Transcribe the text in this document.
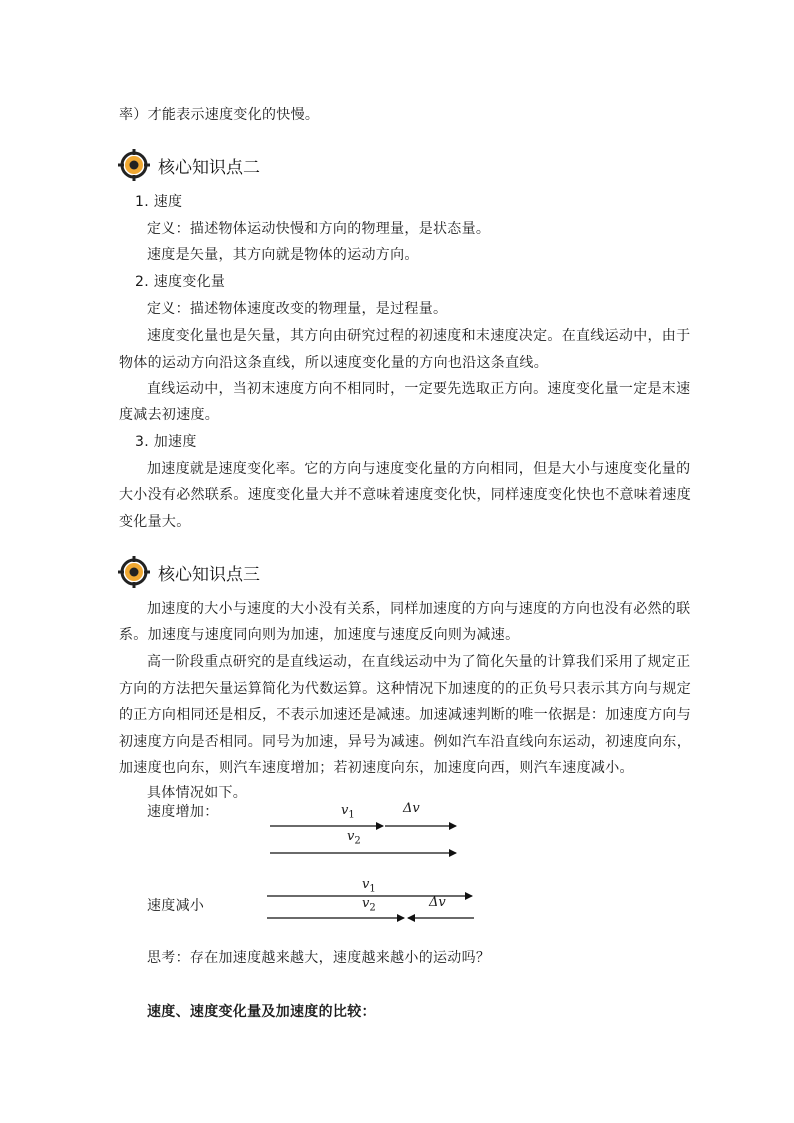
率）才能表示速度变化的快慢。
核心知识点二
1. 速度
定义：描述物体运动快慢和方向的物理量，是状态量。
速度是矢量，其方向就是物体的运动方向。
2. 速度变化量
定义：描述物体速度改变的物理量，是过程量。
速度变化量也是矢量，其方向由研究过程的初速度和末速度决定。在直线运动中，由于
物体的运动方向沿这条直线，所以速度变化量的方向也沿这条直线。
直线运动中，当初末速度方向不相同时，一定要先选取正方向。速度变化量一定是末速
度减去初速度。
3. 加速度
加速度就是速度变化率。它的方向与速度变化量的方向相同，但是大小与速度变化量的
大小没有必然联系。速度变化量大并不意味着速度变化快，同样速度变化快也不意味着速度
变化量大。
核心知识点三
加速度的大小与速度的大小没有关系，同样加速度的方向与速度的方向也没有必然的联
系。加速度与速度同向则为加速，加速度与速度反向则为减速。
高一阶段重点研究的是直线运动，在直线运动中为了简化矢量的计算我们采用了规定正
方向的方法把矢量运算简化为代数运算。这种情况下加速度的的正负号只表示其方向与规定
的正方向相同还是相反，不表示加速还是减速。加速减速判断的唯一依据是：加速度方向与
初速度方向是否相同。同号为加速，异号为减速。例如汽车沿直线向东运动，初速度向东，
加速度也向东，则汽车速度增加；若初速度向东，加速度向西，则汽车速度减小。
具体情况如下。
速度增加：	$v_1$	Δv
$v_2$
速度减小
$v_1$
$v_2$	Δv
思考：存在加速度越来越大，速度越来越小的运动吗？
速度、速度变化量及加速度的比较：
